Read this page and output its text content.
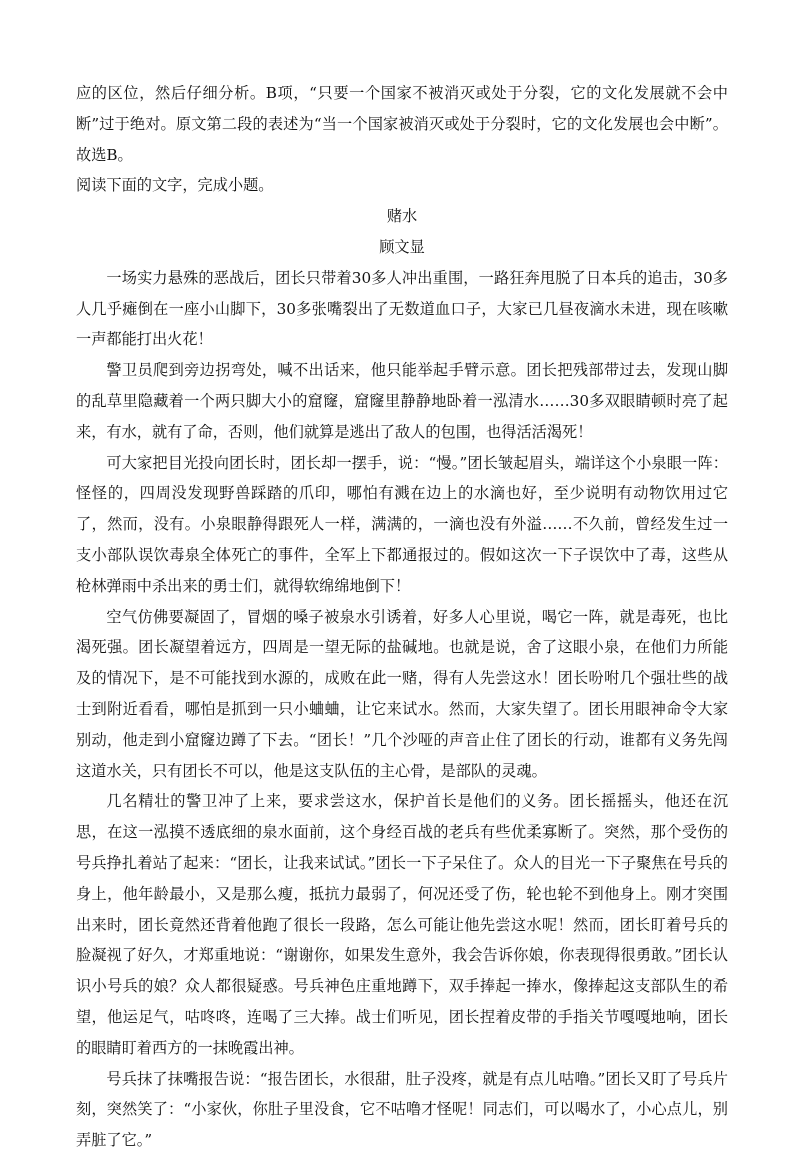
应的区位，然后仔细分析。B项，“只要一个国家不被消灭或处于分裂，它的文化发展就不会中断”过于绝对。原文第二段的表述为“当一个国家被消灭或处于分裂时，它的文化发展也会中断”。故选B。

阅读下面的文字，完成小题。

赌水

顾文显

一场实力悬殊的恶战后，团长只带着30多人冲出重围，一路狂奔甩脱了日本兵的追击，30多人几乎瘫倒在一座小山脚下，30多张嘴裂出了无数道血口子，大家已几昼夜滴水未进，现在咳嗽一声都能打出火花！

警卫员爬到旁边拐弯处，喊不出话来，他只能举起手臂示意。团长把残部带过去，发现山脚的乱草里隐藏着一个两只脚大小的窟窿，窟窿里静静地卧着一泓清水……30多双眼睛顿时亮了起来，有水，就有了命，否则，他们就算是逃出了敌人的包围，也得活活渴死！

可大家把目光投向团长时，团长却一摆手，说：“慢。”团长皱起眉头，端详这个小泉眼一阵：怪怪的，四周没发现野兽踩踏的爪印，哪怕有溅在边上的水滴也好，至少说明有动物饮用过它了，然而，没有。小泉眼静得跟死人一样，满满的，一滴也没有外溢……不久前，曾经发生过一支小部队误饮毒泉全体死亡的事件，全军上下都通报过的。假如这次一下子误饮中了毒，这些从枪林弹雨中杀出来的勇士们，就得软绵绵地倒下！

空气仿佛要凝固了，冒烟的嗓子被泉水引诱着，好多人心里说，喝它一阵，就是毒死，也比渴死强。团长凝望着远方，四周是一望无际的盐碱地。也就是说，舍了这眼小泉，在他们力所能及的情况下，是不可能找到水源的，成败在此一赌，得有人先尝这水！团长吩咐几个强壮些的战士到附近看看，哪怕是抓到一只小蛐蛐，让它来试水。然而，大家失望了。团长用眼神命令大家别动，他走到小窟窿边蹲了下去。“团长！”几个沙哑的声音止住了团长的行动，谁都有义务先闯这道水关，只有团长不可以，他是这支队伍的主心骨，是部队的灵魂。

几名精壮的警卫冲了上来，要求尝这水，保护首长是他们的义务。团长摇摇头，他还在沉思，在这一泓摸不透底细的泉水面前，这个身经百战的老兵有些优柔寡断了。突然，那个受伤的号兵挣扎着站了起来：“团长，让我来试试。”团长一下子呆住了。众人的目光一下子聚焦在号兵的身上，他年龄最小，又是那么瘦，抵抗力最弱了，何况还受了伤，轮也轮不到他身上。刚才突围出来时，团长竟然还背着他跑了很长一段路，怎么可能让他先尝这水呢！然而，团长盯着号兵的脸凝视了好久，才郑重地说：“谢谢你，如果发生意外，我会告诉你娘，你表现得很勇敢。”团长认识小号兵的娘？众人都很疑惑。号兵神色庄重地蹲下，双手捧起一捧水，像捧起这支部队生的希望，他运足气，咕咚咚，连喝了三大捧。战士们听见，团长捏着皮带的手指关节嘎嘎地响，团长的眼睛盯着西方的一抹晚霞出神。

号兵抹了抹嘴报告说：“报告团长，水很甜，肚子没疼，就是有点儿咕噜。”团长又盯了号兵片刻，突然笑了：“小家伙，你肚子里没食，它不咕噜才怪呢！同志们，可以喝水了，小心点儿，别弄脏了它。”
